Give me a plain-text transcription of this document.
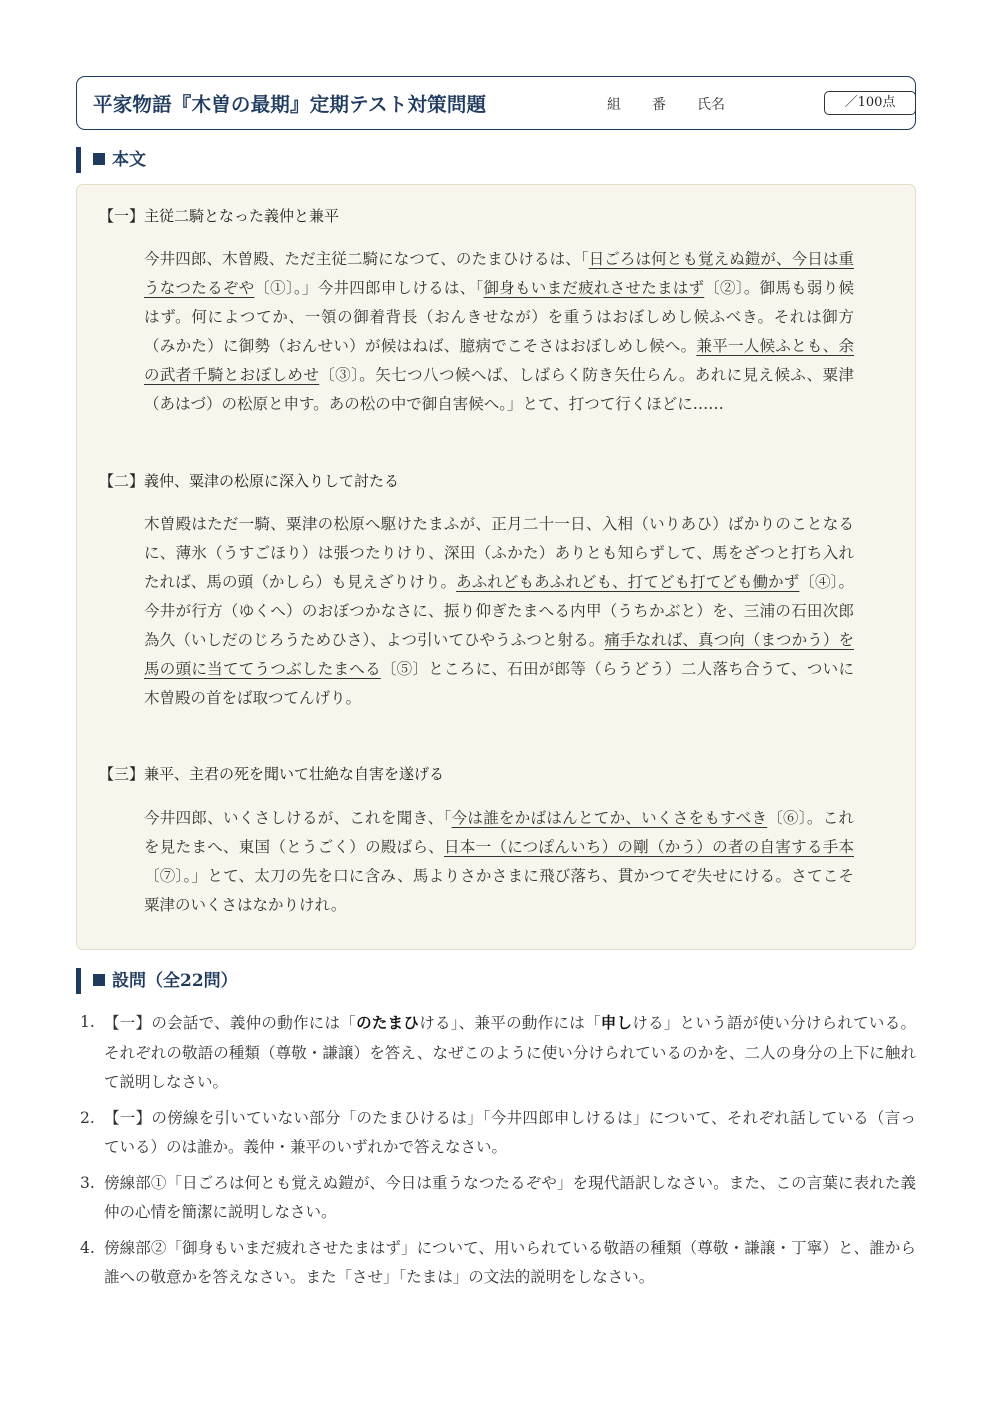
平家物語『木曽の最期』定期テスト対策問題	組 番 氏名	／100点
本文
【一】主従二騎となった義仲と兼平
今井四郎、木曽殿、ただ主従二騎になつて、のたまひけるは、「日ごろは何とも覚えぬ鎧が、今日は重うなつたるぞや〔①〕。」今井四郎申しけるは、「御身もいまだ疲れさせたまはず〔②〕。御馬も弱り候はず。何によつてか、一領の御着背長（おんきせなが）を重うはおぼしめし候ふべき。それは御方（みかた）に御勢（おんせい）が候はねば、臆病でこそさはおぼしめし候へ。兼平一人候ふとも、余の武者千騎とおぼしめせ〔③〕。矢七つ八つ候へば、しばらく防き矢仕らん。あれに見え候ふ、粟津（あはづ）の松原と申す。あの松の中で御自害候へ。」とて、打つて行くほどに……
【二】義仲、粟津の松原に深入りして討たる
木曽殿はただ一騎、粟津の松原へ駆けたまふが、正月二十一日、入相（いりあひ）ばかりのことなるに、薄氷（うすごほり）は張つたりけり、深田（ふかた）ありとも知らずして、馬をざつと打ち入れたれば、馬の頭（かしら）も見えざりけり。あふれどもあふれども、打てども打てども働かず〔④〕。今井が行方（ゆくへ）のおぼつかなさに、振り仰ぎたまへる内甲（うちかぶと）を、三浦の石田次郎為久（いしだのじろうためひさ）、よつ引いてひやうふつと射る。痛手なれば、真つ向（まつかう）を馬の頭に当ててうつぶしたまへる〔⑤〕ところに、石田が郎等（らうどう）二人落ち合うて、ついに木曽殿の首をば取つてんげり。
【三】兼平、主君の死を聞いて壮絶な自害を遂げる
今井四郎、いくさしけるが、これを聞き、「今は誰をかばはんとてか、いくさをもすべき〔⑥〕。これを見たまへ、東国（とうごく）の殿ばら、日本一（につぽんいち）の剛（かう）の者の自害する手本〔⑦〕。」とて、太刀の先を口に含み、馬よりさかさまに飛び落ち、貫かつてぞ失せにける。さてこそ粟津のいくさはなかりけれ。
設問（全22問）
1. 【一】の会話で、義仲の動作には「のたまひける」、兼平の動作には「申しける」という語が使い分けられている。それぞれの敬語の種類（尊敬・謙譲）を答え、なぜこのように使い分けられているのかを、二人の身分の上下に触れて説明しなさい。
2. 【一】の傍線を引いていない部分「のたまひけるは」「今井四郎申しけるは」について、それぞれ話している（言っている）のは誰か。義仲・兼平のいずれかで答えなさい。
3. 傍線部①「日ごろは何とも覚えぬ鎧が、今日は重うなつたるぞや」を現代語訳しなさい。また、この言葉に表れた義仲の心情を簡潔に説明しなさい。
4. 傍線部②「御身もいまだ疲れさせたまはず」について、用いられている敬語の種類（尊敬・謙譲・丁寧）と、誰から誰への敬意かを答えなさい。また「させ」「たまは」の文法的説明をしなさい。
